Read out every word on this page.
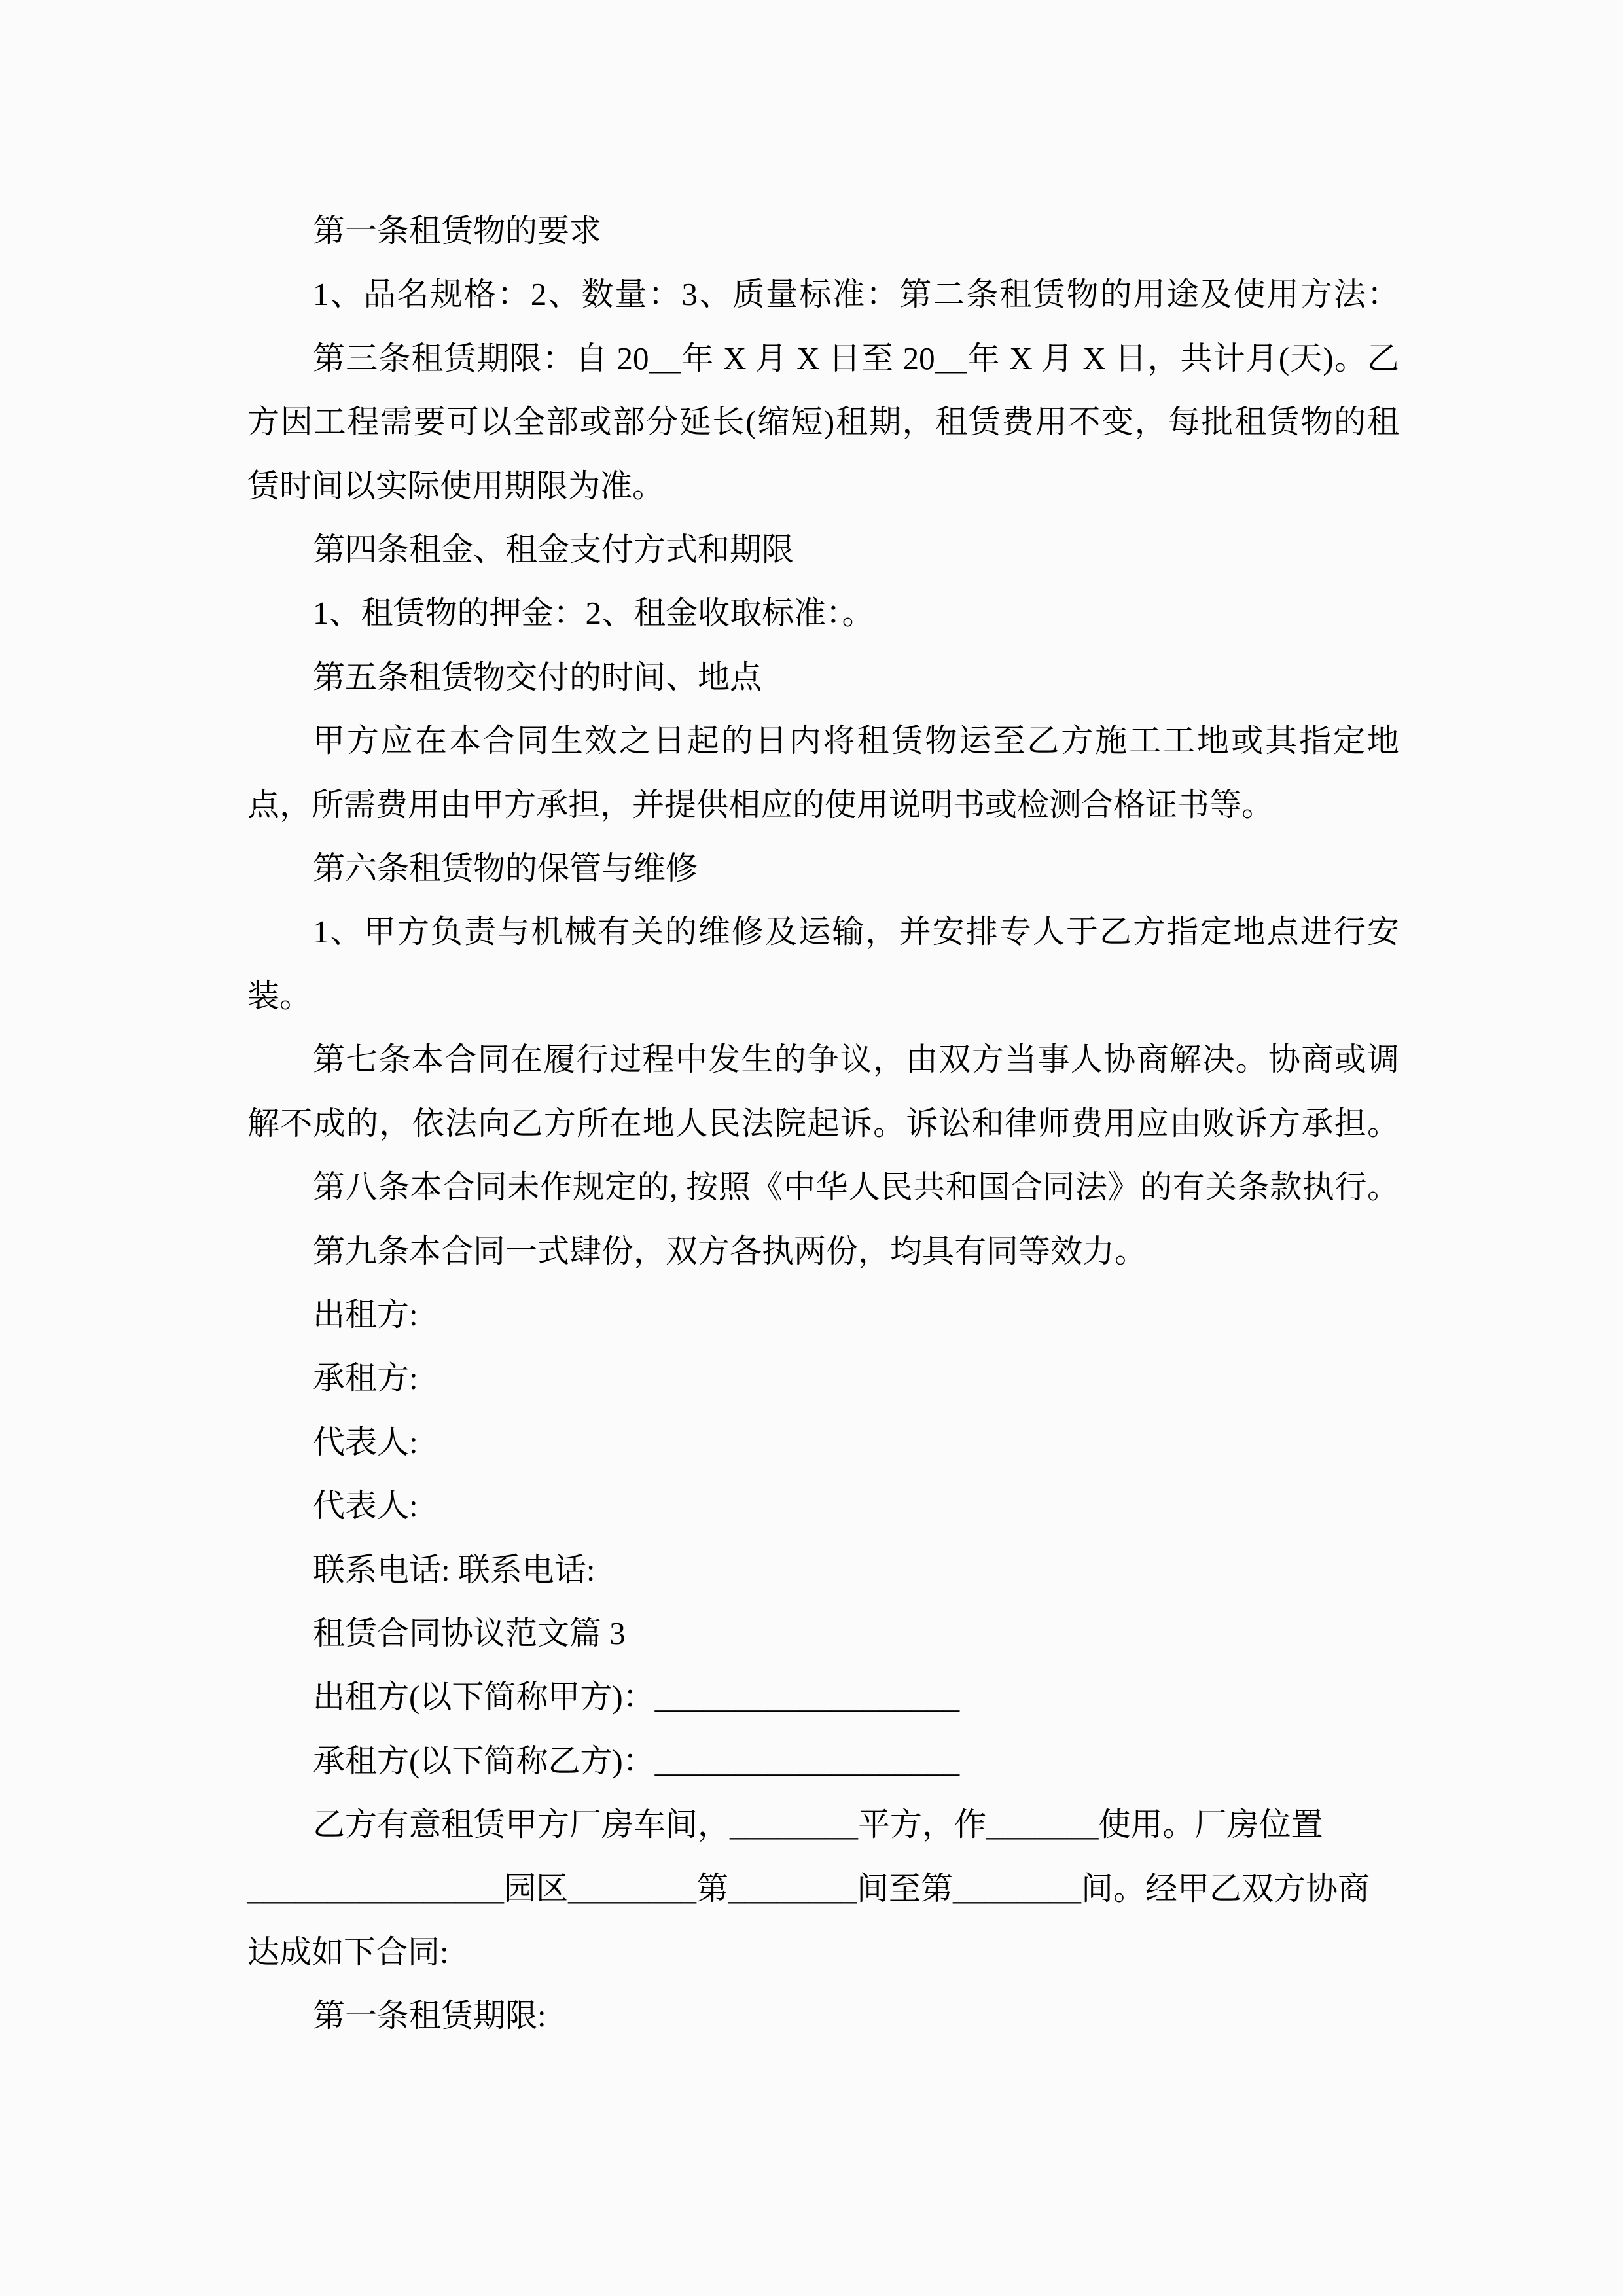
第一条租赁物的要求
1、品名规格：2、数量：3、质量标准：第二条租赁物的用途及使用方法：
第三条租赁期限：自 20__年 X 月 X 日至 20__年 X 月 X 日，共计月(天)。乙
方因工程需要可以全部或部分延长(缩短)租期，租赁费用不变，每批租赁物的租
赁时间以实际使用期限为准。
第四条租金、租金支付方式和期限
1、租赁物的押金：2、租金收取标准：。
第五条租赁物交付的时间、地点
甲方应在本合同生效之日起的日内将租赁物运至乙方施工工地或其指定地
点，所需费用由甲方承担，并提供相应的使用说明书或检测合格证书等。
第六条租赁物的保管与维修
1、甲方负责与机械有关的维修及运输，并安排专人于乙方指定地点进行安
装。
第七条本合同在履行过程中发生的争议，由双方当事人协商解决。协商或调
解不成的，依法向乙方所在地人民法院起诉。诉讼和律师费用应由败诉方承担。
第八条本合同未作规定的, 按照《中华人民共和国合同法》的有关条款执行。
第九条本合同一式肆份，双方各执两份，均具有同等效力。
出租方:
承租方:
代表人:
代表人:
联系电话: 联系电话:
租赁合同协议范文篇 3
出租方(以下简称甲方)：___________________
承租方(以下简称乙方)：___________________
乙方有意租赁甲方厂房车间，________平方，作_______使用。厂房位置
________________园区________第________间至第________间。经甲乙双方协商
达成如下合同:
第一条租赁期限:
